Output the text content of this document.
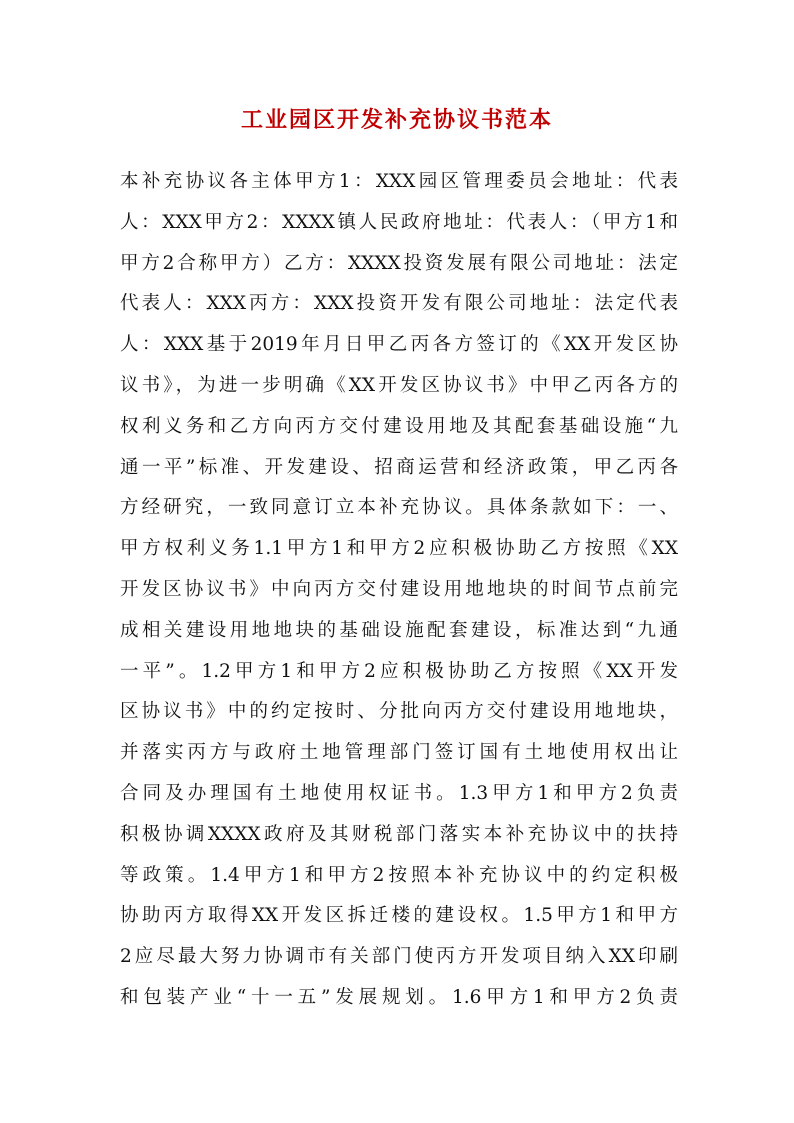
工业园区开发补充协议书范本
本补充协议各主体甲方1：XXX园区管理委员会地址：代表
人：XXX甲方2：XXXX镇人民政府地址：代表人：（甲方1和
甲方2合称甲方）乙方：XXXX投资发展有限公司地址：法定
代表人：XXX丙方：XXX投资开发有限公司地址：法定代表
人：XXX基于2019年月日甲乙丙各方签订的《XX开发区协
议书》，为进一步明确《XX开发区协议书》中甲乙丙各方的
权利义务和乙方向丙方交付建设用地及其配套基础设施“九
通一平”标准、开发建设、招商运营和经济政策，甲乙丙各
方经研究，一致同意订立本补充协议。具体条款如下：一、
甲方权利义务1.1甲方1和甲方2应积极协助乙方按照《XX
开发区协议书》中向丙方交付建设用地地块的时间节点前完
成相关建设用地地块的基础设施配套建设，标准达到“九通
一平”。1.2甲方1和甲方2应积极协助乙方按照《XX开发
区协议书》中的约定按时、分批向丙方交付建设用地地块，
并落实丙方与政府土地管理部门签订国有土地使用权出让
合同及办理国有土地使用权证书。1.3甲方1和甲方2负责
积极协调XXXX政府及其财税部门落实本补充协议中的扶持
等政策。1.4甲方1和甲方2按照本补充协议中的约定积极
协助丙方取得XX开发区拆迁楼的建设权。1.5甲方1和甲方
2应尽最大努力协调市有关部门使丙方开发项目纳入XX印刷
和包装产业“十一五”发展规划。1.6甲方1和甲方2负责
